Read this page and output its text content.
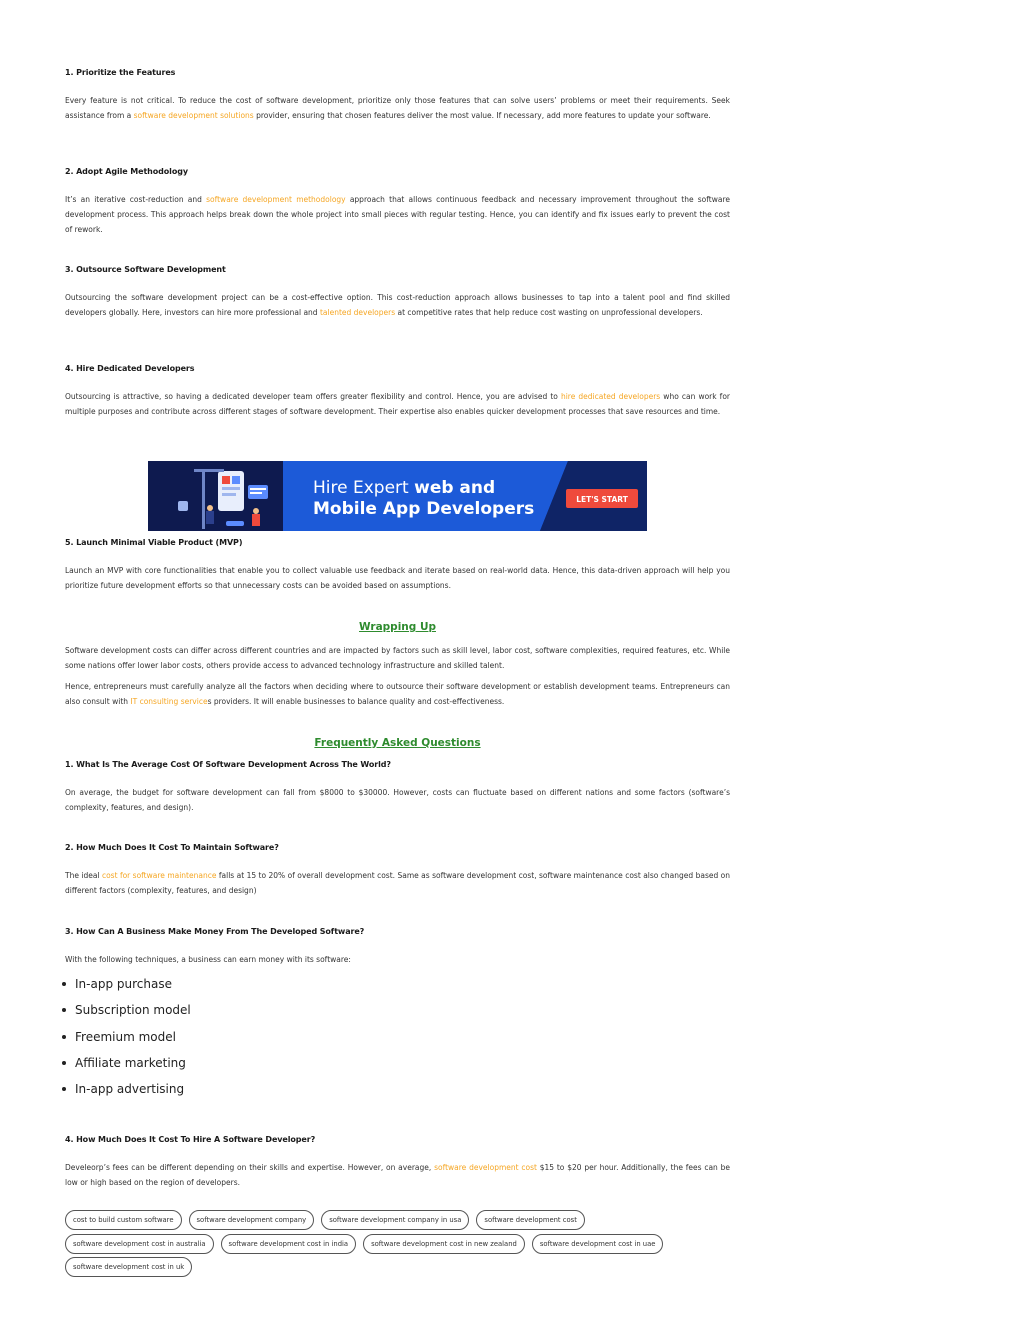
1. Prioritize the Features

Every feature is not critical. To reduce the cost of software development, prioritize only those features that can solve users’ problems or meet their requirements. Seek assistance from a software development solutions provider, ensuring that chosen features deliver the most value. If necessary, add more features to update your software.

2. Adopt Agile Methodology

It’s an iterative cost-reduction and software development methodology approach that allows continuous feedback and necessary improvement throughout the software development process. This approach helps break down the whole project into small pieces with regular testing. Hence, you can identify and fix issues early to prevent the cost of rework.

3. Outsource Software Development

Outsourcing the software development project can be a cost-effective option. This cost-reduction approach allows businesses to tap into a talent pool and find skilled developers globally. Here, investors can hire more professional and talented developers at competitive rates that help reduce cost wasting on unprofessional developers.

4. Hire Dedicated Developers

Outsourcing is attractive, so having a dedicated developer team offers greater flexibility and control. Hence, you are advised to hire dedicated developers who can work for multiple purposes and contribute across different stages of software development. Their expertise also enables quicker development processes that save resources and time.

5. Launch Minimal Viable Product (MVP)

Launch an MVP with core functionalities that enable you to collect valuable use feedback and iterate based on real-world data. Hence, this data-driven approach will help you prioritize future development efforts so that unnecessary costs can be avoided based on assumptions.

Wrapping Up

Software development costs can differ across different countries and are impacted by factors such as skill level, labor cost, software complexities, required features, etc. While some nations offer lower labor costs, others provide access to advanced technology infrastructure and skilled talent.

Hence, entrepreneurs must carefully analyze all the factors when deciding where to outsource their software development or establish development teams. Entrepreneurs can also consult with IT consulting services providers. It will enable businesses to balance quality and cost-effectiveness.

Frequently Asked Questions
1. What Is The Average Cost Of Software Development Across The World?

On average, the budget for software development can fall from $8000 to $30000. However, costs can fluctuate based on different nations and some factors (software’s complexity, features, and design).

2. How Much Does It Cost To Maintain Software?

The ideal cost for software maintenance falls at 15 to 20% of overall development cost. Same as software development cost, software maintenance cost also changed based on different factors (complexity, features, and design)

3. How Can A Business Make Money From The Developed Software?

With the following techniques, a business can earn money with its software:

In-app purchase
Subscription model
Freemium model
Affiliate marketing
In-app advertising
4. How Much Does It Cost To Hire A Software Developer?

Develeorp’s fees can be different depending on their skills and expertise. However, on average, software development cost $15 to $20 per hour. Additionally, the fees can be low or high based on the region of developers.

cost to build custom software	software development company	software development company in usa	software development cost
software development cost in australia	software development cost in india	software development cost in new zealand	software development cost in uae
software development cost in uk
Hire Expert web and
Mobile App Developers	LET'S START
